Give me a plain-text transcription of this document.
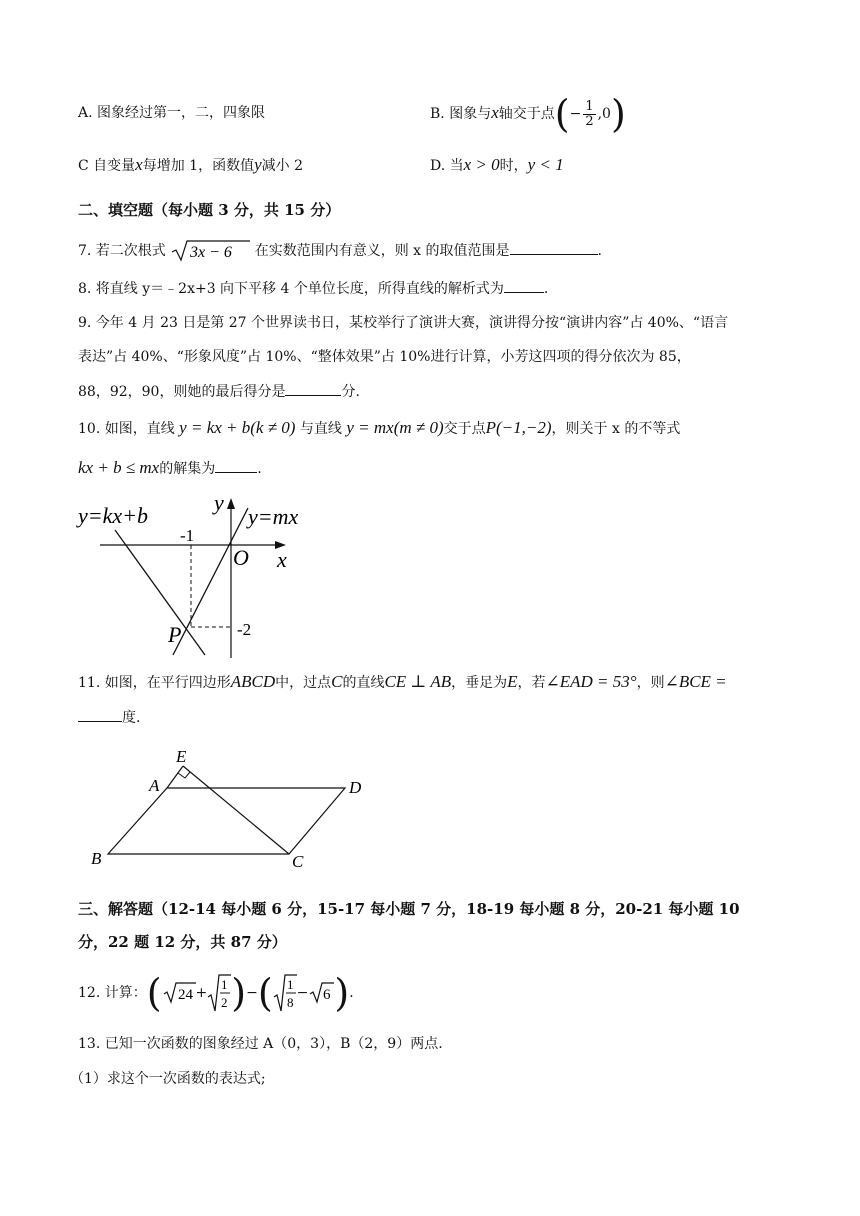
A. 图象经过第一，二，四象限	B. 图象与x轴交于点(− $\frac{1}{2} ,0$)
C 自变量x每增加 1，函数值y减小 2	D. 当x > 0时，y < 1
二、填空题（每小题 3 分，共 15 分）
7. 若二次根式 3x − 6 在实数范围内有意义，则 x 的取值范围是	.
8. 将直线 y＝﹣2x+3 向下平移 4 个单位长度，所得直线的解析式为	.
9. 今年 4 月 23 日是第 27 个世界读书日，某校举行了演讲大赛，演讲得分按“演讲内容”占 40%、“语言
表达”占 40%、“形象风度”占 10%、“整体效果”占 10%进行计算，小芳这四项的得分依次为 85，
88，92，90，则她的最后得分是	分.
10. 如图，直线 y = kx + b(k ≠ 0) 与直线 y = mx(m ≠ 0)交于点P(−1,−2)，则关于 x 的不等式
kx + b ≤ mx的解集为	.
y=kx+b	y=mx
y
x
O
-1
-2
P
11. 如图，在平行四边形ABCD中，过点C的直线CE ⊥ AB，垂足为E，若∠EAD = 53°，则∠BCE =
度.
E
A	D
B	C
三、解答题（12-14 每小题 6 分，15-17 每小题 7 分，18-19 每小题 8 分，20-21 每小题 10
分，22 题 12 分，共 87 分）
12. 计算：( 24 +
1
2 )−( 1
8
− 6 ).
13. 已知一次函数的图象经过 A（0，3），B（2，9）两点.
（1）求这个一次函数的表达式;
